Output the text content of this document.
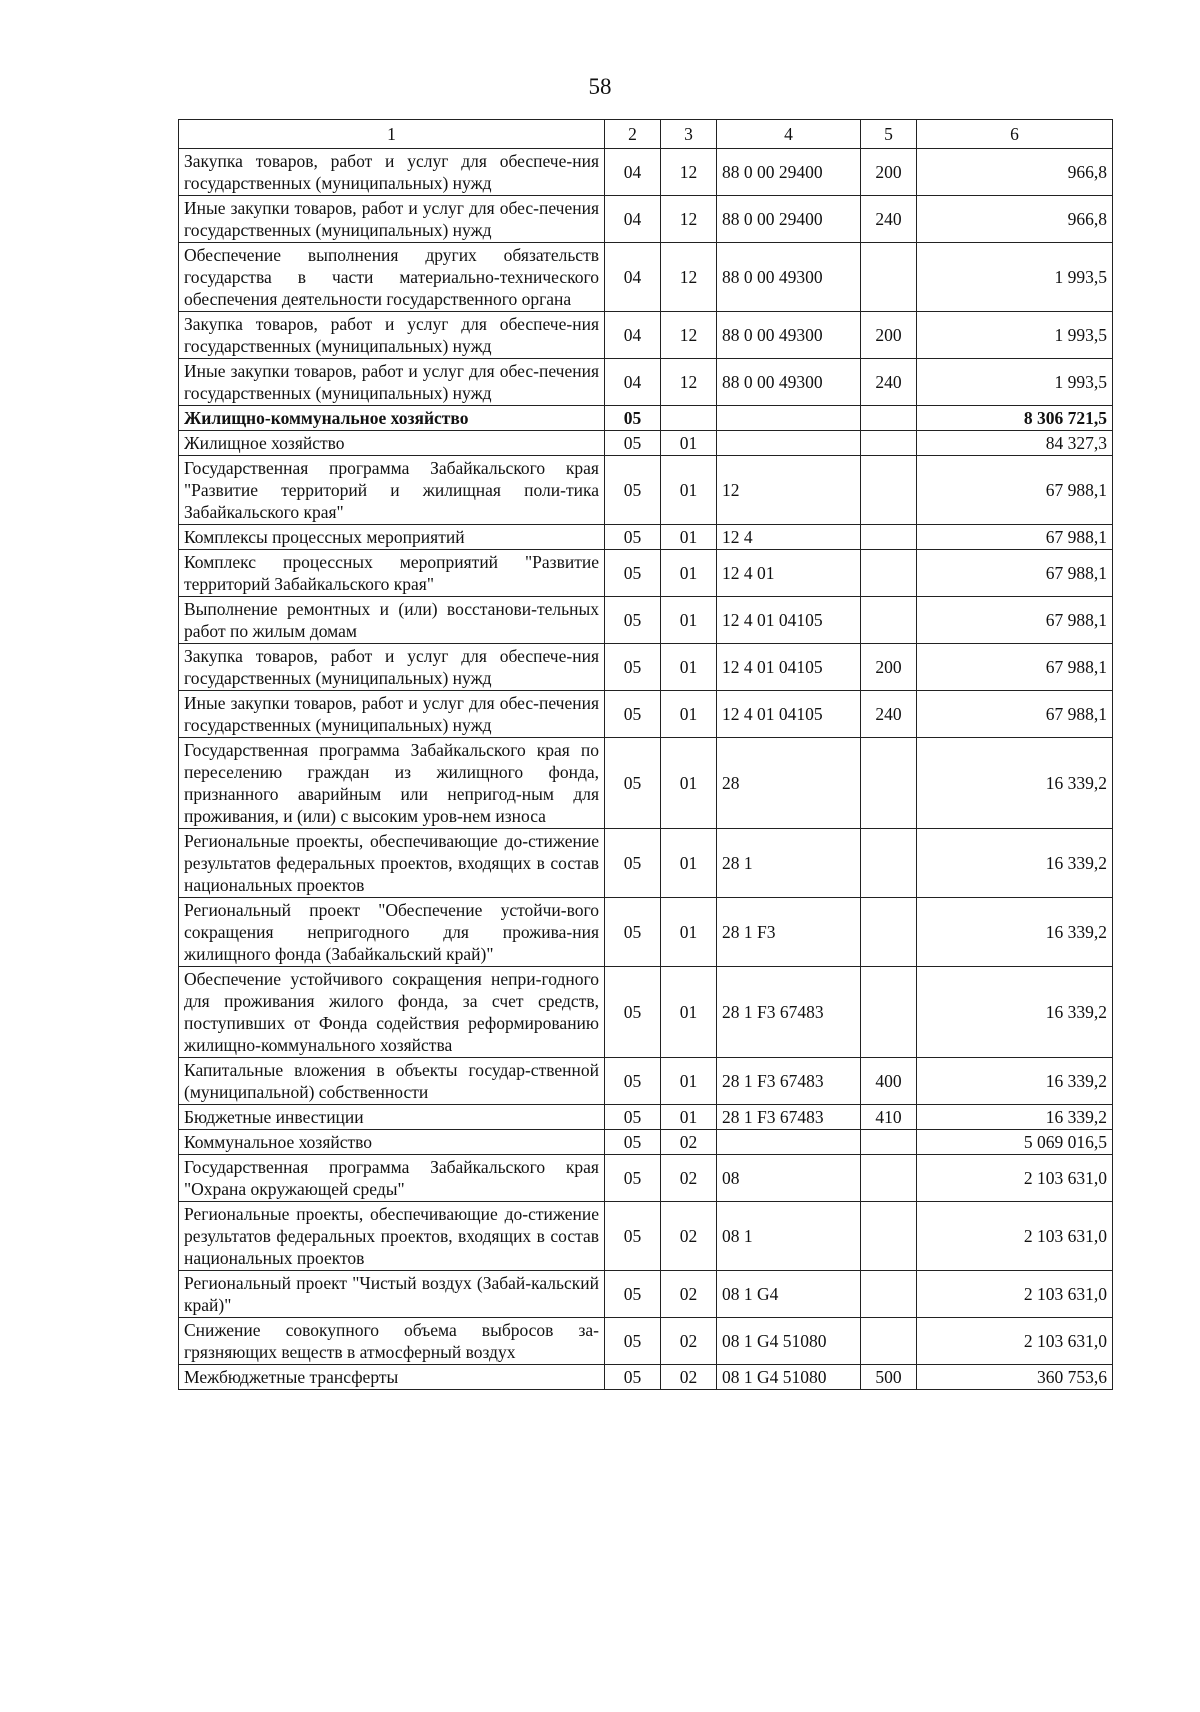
58
1	2	3	4	5	6
Закупка товаров, работ и услуг для обеспече-ния государственных (муниципальных) нужд	04	12	88 0 00 29400	200	966,8
Иные закупки товаров, работ и услуг для обес-печения государственных (муниципальных) нужд	04	12	88 0 00 29400	240	966,8
Обеспечение выполнения других обязательств государства в части материально-технического обеспечения деятельности государственного органа	04	12	88 0 00 49300		1 993,5
Закупка товаров, работ и услуг для обеспече-ния государственных (муниципальных) нужд	04	12	88 0 00 49300	200	1 993,5
Иные закупки товаров, работ и услуг для обес-печения государственных (муниципальных) нужд	04	12	88 0 00 49300	240	1 993,5
Жилищно-коммунальное хозяйство	05				8 306 721,5
Жилищное хозяйство	05	01			84 327,3
Государственная программа Забайкальского края "Развитие территорий и жилищная поли-тика Забайкальского края"	05	01	12		67 988,1
Комплексы процессных мероприятий	05	01	12 4		67 988,1
Комплекс процессных мероприятий "Развитие территорий Забайкальского края"	05	01	12 4 01		67 988,1
Выполнение ремонтных и (или) восстанови-тельных работ по жилым домам	05	01	12 4 01 04105		67 988,1
Закупка товаров, работ и услуг для обеспече-ния государственных (муниципальных) нужд	05	01	12 4 01 04105	200	67 988,1
Иные закупки товаров, работ и услуг для обес-печения государственных (муниципальных) нужд	05	01	12 4 01 04105	240	67 988,1
Государственная программа Забайкальского края по переселению граждан из жилищного фонда, признанного аварийным или непригод-ным для проживания, и (или) с высоким уров-нем износа	05	01	28		16 339,2
Региональные проекты, обеспечивающие до-стижение результатов федеральных проектов, входящих в состав национальных проектов	05	01	28 1		16 339,2
Региональный проект "Обеспечение устойчи-вого сокращения непригодного для прожива-ния жилищного фонда (Забайкальский край)"	05	01	28 1 F3		16 339,2
Обеспечение устойчивого сокращения непри-годного для проживания жилого фонда, за счет средств, поступивших от Фонда содействия реформированию жилищно-коммунального хозяйства	05	01	28 1 F3 67483		16 339,2
Капитальные вложения в объекты государ-ственной (муниципальной) собственности	05	01	28 1 F3 67483	400	16 339,2
Бюджетные инвестиции	05	01	28 1 F3 67483	410	16 339,2
Коммунальное хозяйство	05	02			5 069 016,5
Государственная программа Забайкальского края "Охрана окружающей среды"	05	02	08		2 103 631,0
Региональные проекты, обеспечивающие до-стижение результатов федеральных проектов, входящих в состав национальных проектов	05	02	08 1		2 103 631,0
Региональный проект "Чистый воздух (Забай-кальский край)"	05	02	08 1 G4		2 103 631,0
Снижение совокупного объема выбросов за-грязняющих веществ в атмосферный воздух	05	02	08 1 G4 51080		2 103 631,0
Межбюджетные трансферты	05	02	08 1 G4 51080	500	360 753,6
